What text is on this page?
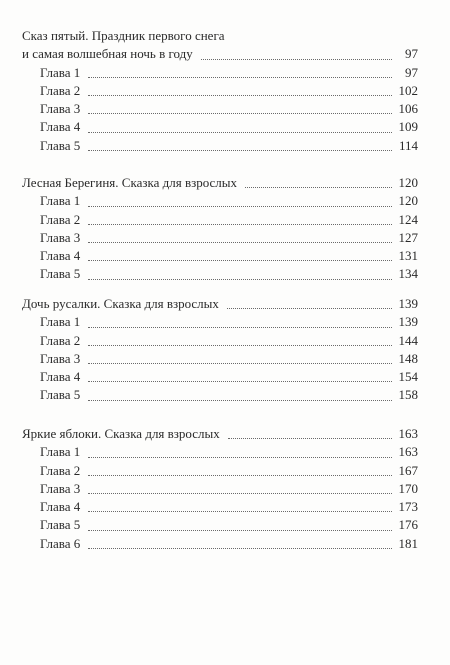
Сказ пятый. Праздник первого снега
и самая волшебная ночь в году	97
Глава 1	97
Глава 2	102
Глава 3	106
Глава 4	109
Глава 5	114
Лесная Берегиня. Сказка для взрослых	120
Глава 1	120
Глава 2	124
Глава 3	127
Глава 4	131
Глава 5	134
Дочь русалки. Сказка для взрослых	139
Глава 1	139
Глава 2	144
Глава 3	148
Глава 4	154
Глава 5	158
Яркие яблоки. Сказка для взрослых	163
Глава 1	163
Глава 2	167
Глава 3	170
Глава 4	173
Глава 5	176
Глава 6	181
